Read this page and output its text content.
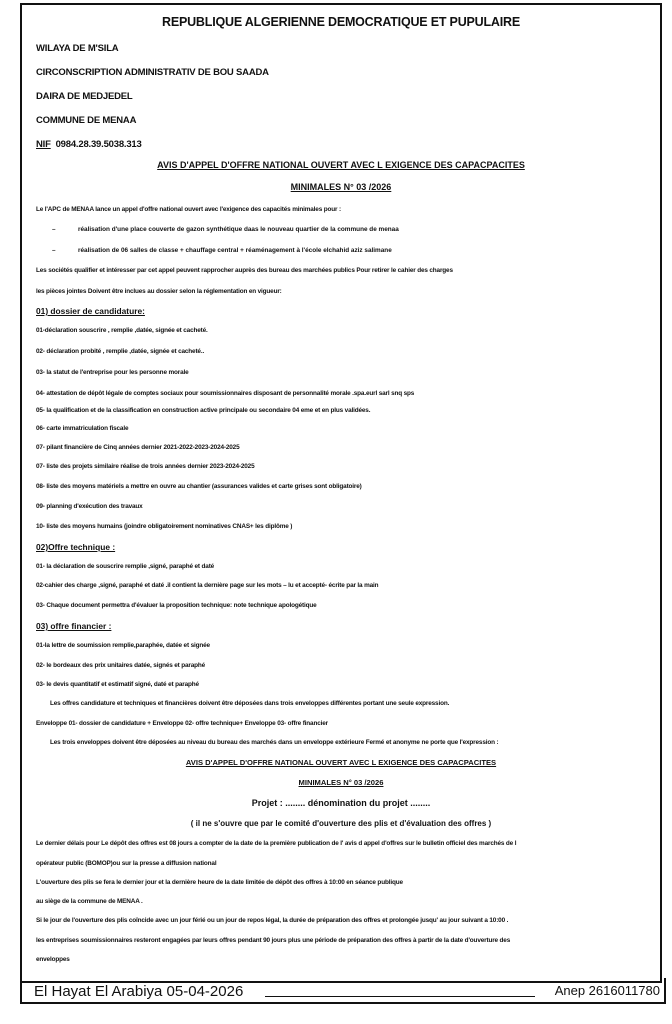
REPUBLIQUE ALGERIENNE DEMOCRATIQUE ET PUPULAIRE
WILAYA DE M'SILA
CIRCONSCRIPTION ADMINISTRATIV DE BOU SAADA
DAIRA DE MEDJEDEL
COMMUNE DE MENAA
NIF 0984.28.39.5038.313
AVIS D'APPEL D'OFFRE NATIONAL OUVERT AVEC L EXIGENCE DES CAPACPACITES
MINIMALES N° 03 /2026
Le l'APC de MENAA lance un appel d'offre national ouvert avec l'exigence des capacités minimales pour :
–	réalisation d'une place couverte de gazon synthétique daas le nouveau quartier de la commune de menaa
–	réalisation de 06 salles de classe + chauffage central + réaménagement à l'école elchahid aziz salimane
Les sociétés qualifier et intéresser par cet appel peuvent rapprocher auprès des bureau des marchées publics Pour retirer le cahier des charges
les pièces jointes Doivent être inclues au dossier selon la réglementation en vigueur:
01) dossier de candidature:
01-déclaration souscrire , remplie ,datée, signée et cacheté.
02- déclaration probité , remplie ,datée, signée et cacheté..
03- la statut de l'entreprise pour les personne morale
04- attestation de dépôt légale de comptes sociaux pour soumissionnaires disposant de personnalité morale .spa.eurl sarl snq sps
05- la qualification et de la classification en construction active principale ou secondaire 04 eme et en plus validées.
06- carte immatriculation fiscale
07- pilant financière de Cinq années dernier 2021-2022-2023-2024-2025
07- liste des projets similaire réalise de trois années dernier 2023-2024-2025
08- liste des moyens matériels a mettre en ouvre au chantier (assurances valides et carte grises sont obligatoire)
09- planning d'exécution des travaux
10- liste des moyens humains (joindre obligatoirement nominatives CNAS+ les diplôme )
02)Offre technique :
01- la déclaration de souscrire remplie ,signé, paraphé et daté
02-cahier des charge ,signé, paraphé et daté .il contient la dernière page sur les mots – lu et accepté- écrite par la main
03- Chaque document permettra d'évaluer la proposition technique: note technique apologétique
03) offre financier :
01-la lettre de soumission remplie,paraphée, datée et signée
02- le bordeaux des prix unitaires datée, signés et paraphé
03- le devis quantitatif et estimatif signé, daté et paraphé
Les offres candidature et techniques et financières doivent être déposées dans trois enveloppes différentes portant une seule expression.
Enveloppe 01- dossier de candidature + Enveloppe 02- offre technique+ Enveloppe 03- offre financier
Les trois enveloppes doivent être déposées au niveau du bureau des marchés dans un enveloppe extérieure Fermé et anonyme ne porte que l'expression :
AVIS D'APPEL D'OFFRE NATIONAL OUVERT AVEC L EXIGENCE DES CAPACPACITES
MINIMALES N° 03 /2026
Projet : ........ dénomination du projet ........
( il ne s'ouvre que par le comité d'ouverture des plis et d'évaluation des offres )
Le dernier délais pour Le dépôt des offres est 08 jours a compter de la date de la première publication de l' avis d appel d'offres sur le bulletin officiel des marchés de l
opérateur public (BOMOP)ou sur la presse a diffusion national
L'ouverture des plis se fera le dernier jour et la dernière heure de la date limitée de dépôt des offres à 10:00 en séance publique
au siège de la commune de MENAA .
Si le jour de l'ouverture des plis coïncide avec un jour férié ou un jour de repos légal, la durée de préparation des offres et prolongée jusqu' au jour suivant a 10:00 .
les entreprises soumissionnaires resteront engagées par leurs offres pendant 90 jours plus une période de préparation des offres à partir de la date d'ouverture des
enveloppes
El Hayat El Arabiya 05-04-2026	Anep 2616011780
